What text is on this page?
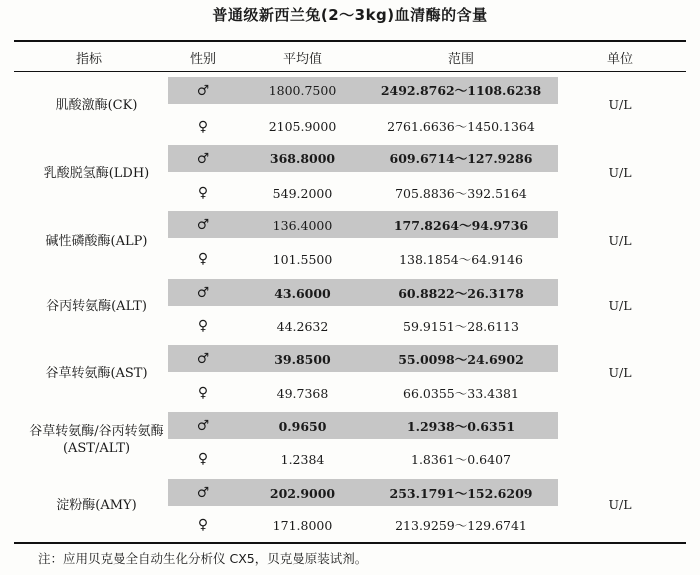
普通级新西兰兔(2～3kg)血清酶的含量
指标	性别	平均值	范围	单位
肌酸激酶(CK)
♂	1800.7500	2492.8762～1108.6238
U/L
♀	2105.9000	2761.6636～1450.1364
乳酸脱氢酶(LDH)
♂	368.8000	609.6714～127.9286
U/L
♀	549.2000	705.8836～392.5164
碱性磷酸酶(ALP)
♂	136.4000	177.8264～94.9736
U/L
♀	101.5500	138.1854～64.9146
谷丙转氨酶(ALT)
♂	43.6000	60.8822～26.3178
U/L
♀	44.2632	59.9151～28.6113
谷草转氨酶(AST)
♂	39.8500	55.0098～24.6902
U/L
♀	49.7368	66.0355～33.4381
谷草转氨酶/谷丙转氨酶
(AST/ALT)
♂	0.9650	1.2938～0.6351
♀	1.2384	1.8361～0.6407
淀粉酶(AMY)
♂	202.9000	253.1791～152.6209
U/L
♀	171.8000	213.9259～129.6741
注：应用贝克曼全自动生化分析仪 CX5，贝克曼原装试剂。
